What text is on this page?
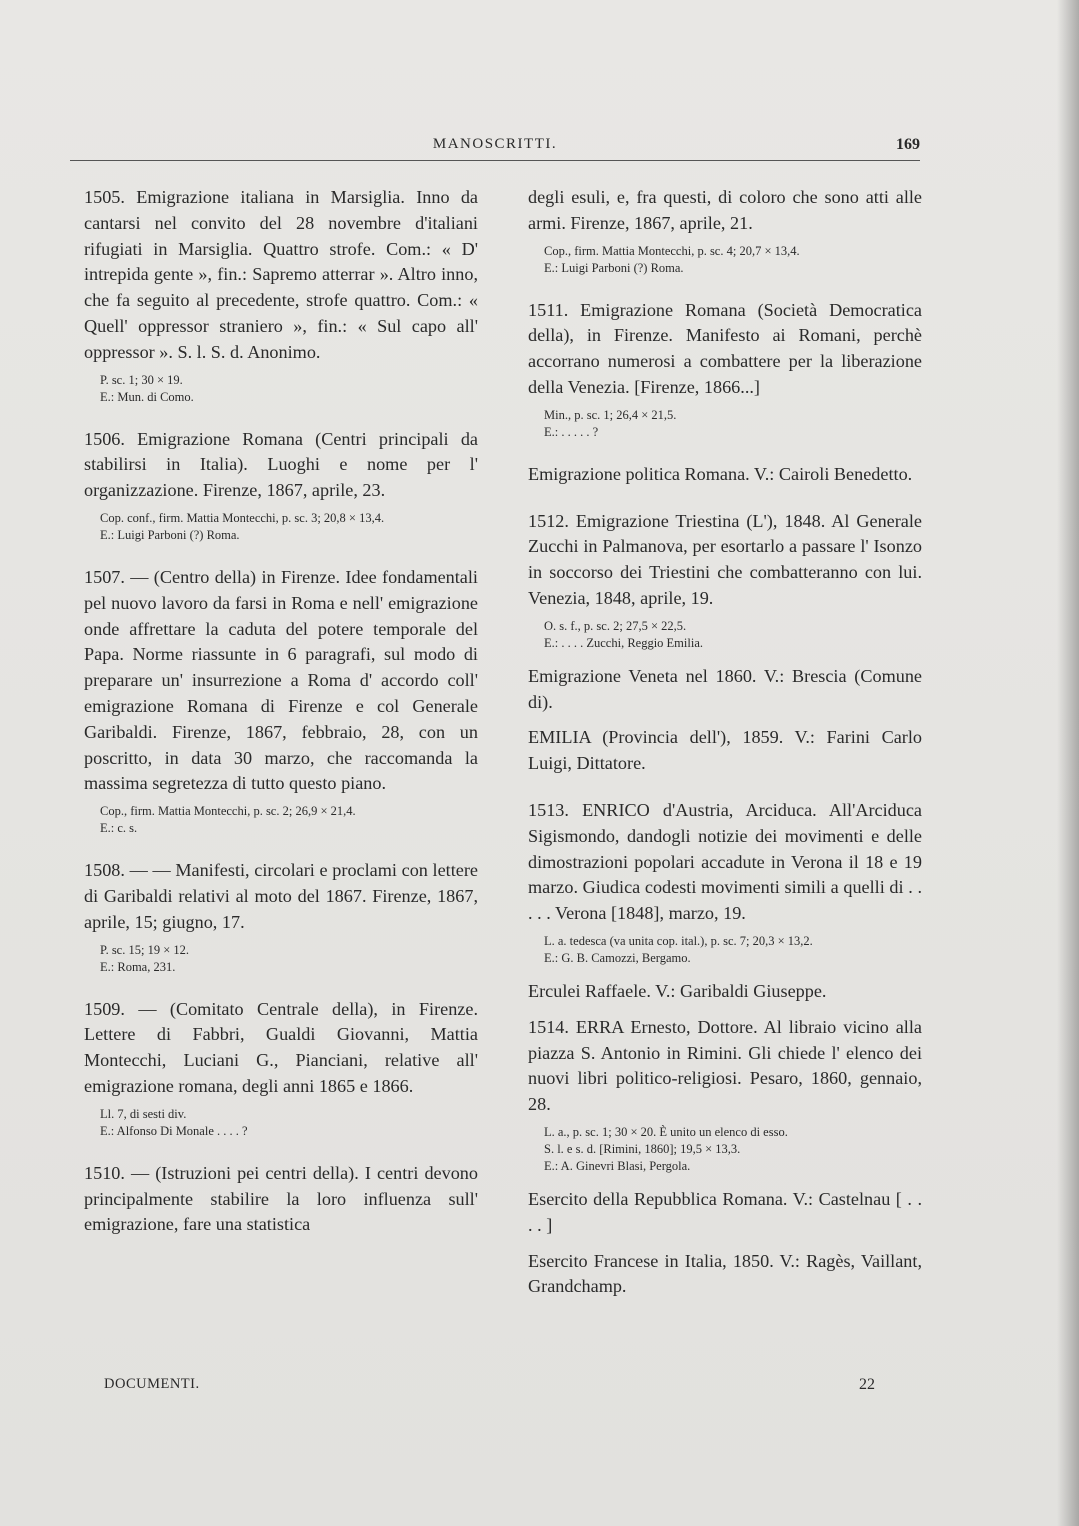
MANOSCRITTI.	169

1505. Emigrazione italiana in Marsiglia. Inno da cantarsi nel convito del 28 novembre d'italiani rifugiati in Marsiglia. Quattro strofe. Com.: « D' intrepida gente », fin.: Sapremo atterrar ». Altro inno, che fa seguito al precedente, strofe quattro. Com.: « Quell' oppressor straniero », fin.: « Sul capo all' oppressor ». S. l. S. d. Anonimo.

P. sc. 1; 30 × 19.
E.: Mun. di Como.

1506. Emigrazione Romana (Centri principali da stabilirsi in Italia). Luoghi e nome per l' organizzazione. Firenze, 1867, aprile, 23.

Cop. conf., firm. Mattia Montecchi, p. sc. 3; 20,8 × 13,4.
E.: Luigi Parboni (?) Roma.

1507. — (Centro della) in Firenze. Idee fondamentali pel nuovo lavoro da farsi in Roma e nell' emigrazione onde affrettare la caduta del potere temporale del Papa. Norme riassunte in 6 paragrafi, sul modo di preparare un' insurrezione a Roma d' accordo coll' emigrazione Romana di Firenze e col Generale Garibaldi. Firenze, 1867, febbraio, 28, con un poscritto, in data 30 marzo, che raccomanda la massima segretezza di tutto questo piano.

Cop., firm. Mattia Montecchi, p. sc. 2; 26,9 × 21,4.
E.: c. s.

1508. — — Manifesti, circolari e proclami con lettere di Garibaldi relativi al moto del 1867. Firenze, 1867, aprile, 15; giugno, 17.

P. sc. 15; 19 × 12.
E.: Roma, 231.

1509. — (Comitato Centrale della), in Firenze. Lettere di Fabbri, Gualdi Giovanni, Mattia Montecchi, Luciani G., Pianciani, relative all' emigrazione romana, degli anni 1865 e 1866.

Ll. 7, di sesti div.
E.: Alfonso Di Monale . . . . ?

1510. — (Istruzioni pei centri della). I centri devono principalmente stabilire la loro influenza sull' emigrazione, fare una statistica

degli esuli, e, fra questi, di coloro che sono atti alle armi. Firenze, 1867, aprile, 21.

Cop., firm. Mattia Montecchi, p. sc. 4; 20,7 × 13,4.
E.: Luigi Parboni (?) Roma.

1511. Emigrazione Romana (Società Democratica della), in Firenze. Manifesto ai Romani, perchè accorrano numerosi a combattere per la liberazione della Venezia. [Firenze, 1866...]

Min., p. sc. 1; 26,4 × 21,5.
E.: . . . . . ?

Emigrazione politica Romana. V.: Cairoli Benedetto.

1512. Emigrazione Triestina (L'), 1848. Al Generale Zucchi in Palmanova, per esortarlo a passare l' Isonzo in soccorso dei Triestini che combatteranno con lui. Venezia, 1848, aprile, 19.

O. s. f., p. sc. 2; 27,5 × 22,5.
E.: . . . . Zucchi, Reggio Emilia.

Emigrazione Veneta nel 1860. V.: Brescia (Comune di).

EMILIA (Provincia dell'), 1859. V.: Farini Carlo Luigi, Dittatore.

1513. ENRICO d'Austria, Arciduca. All'Arciduca Sigismondo, dandogli notizie dei movimenti e delle dimostrazioni popolari accadute in Verona il 18 e 19 marzo. Giudica codesti movimenti simili a quelli di . . . . . Verona [1848], marzo, 19.

L. a. tedesca (va unita cop. ital.), p. sc. 7; 20,3 × 13,2.
E.: G. B. Camozzi, Bergamo.

Erculei Raffaele. V.: Garibaldi Giuseppe.

1514. ERRA Ernesto, Dottore. Al libraio vicino alla piazza S. Antonio in Rimini. Gli chiede l' elenco dei nuovi libri politico-religiosi. Pesaro, 1860, gennaio, 28.

L. a., p. sc. 1; 30 × 20. È unito un elenco di esso.
S. l. e s. d. [Rimini, 1860]; 19,5 × 13,3.
E.: A. Ginevri Blasi, Pergola.

Esercito della Repubblica Romana. V.: Castelnau [ . . . . ]

Esercito Francese in Italia, 1850. V.: Ragès, Vaillant, Grandchamp.

DOCUMENTI.	22
